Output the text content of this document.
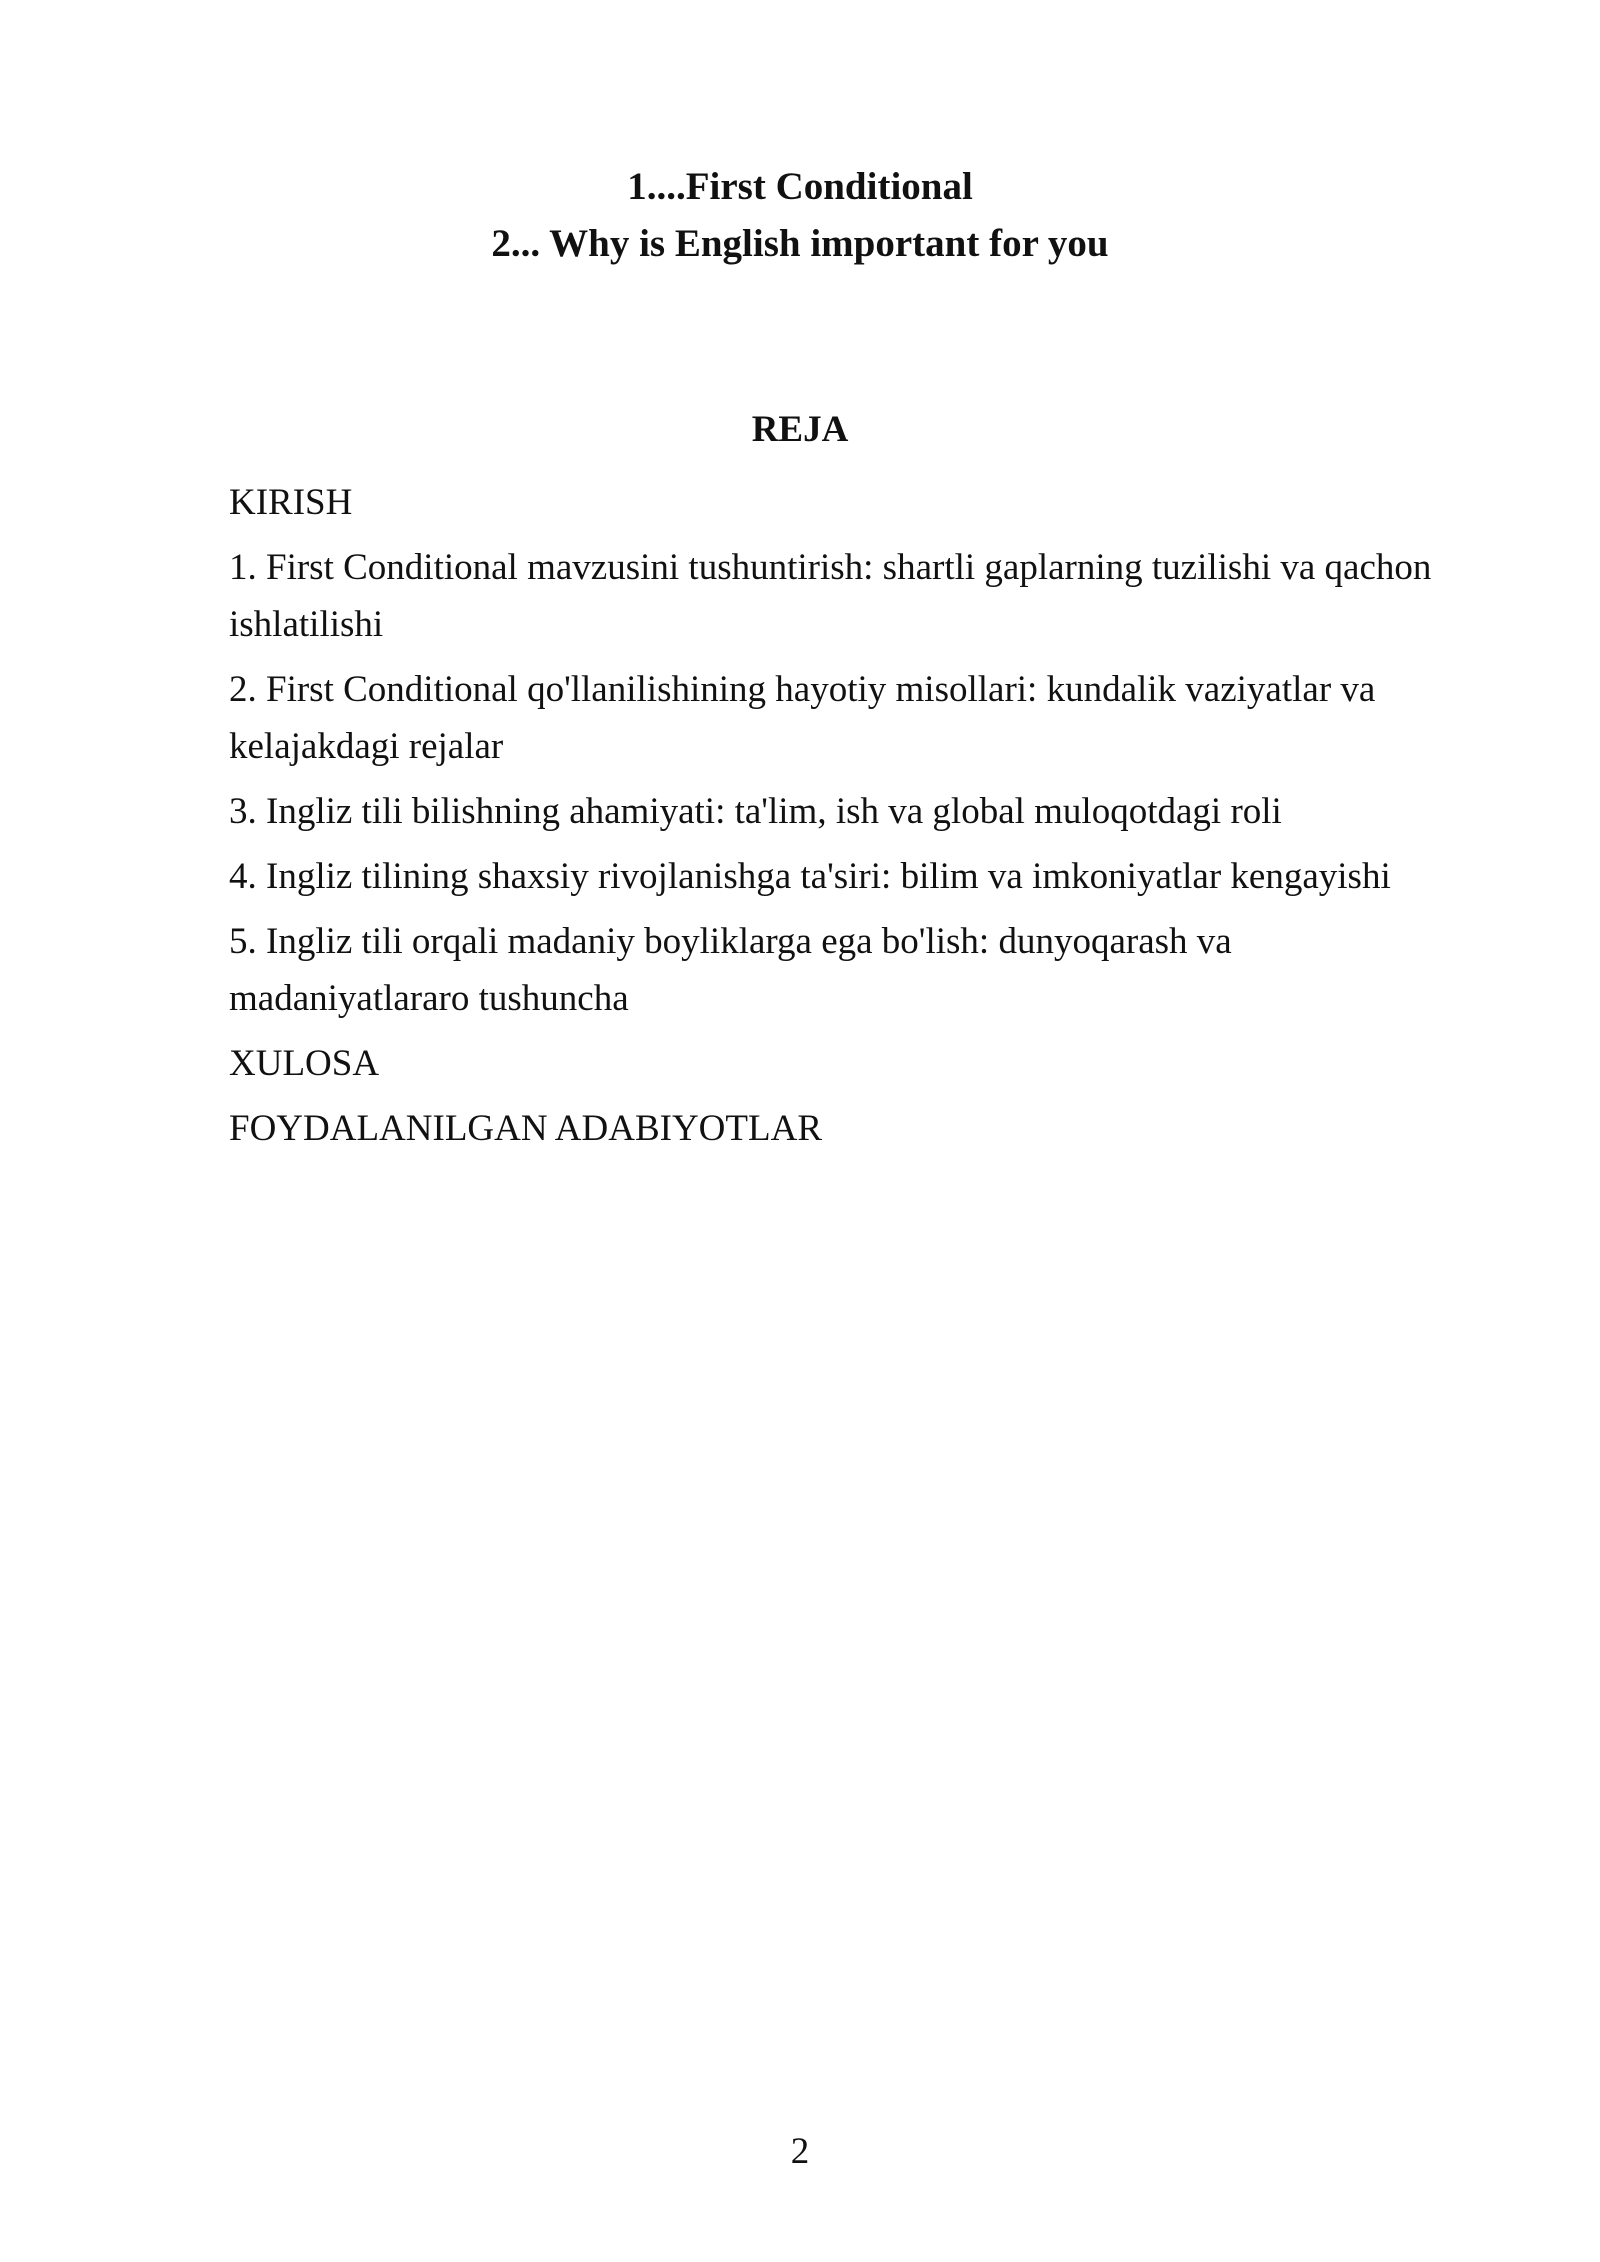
1....First Conditional

2... Why is English important for you

REJA

KIRISH
1. First Conditional mavzusini tushuntirish: shartli gaplarning tuzilishi va qachon ishlatilishi
2. First Conditional qo'llanilishining hayotiy misollari: kundalik vaziyatlar va kelajakdagi rejalar
3. Ingliz tili bilishning ahamiyati: ta'lim, ish va global muloqotdagi roli
4. Ingliz tilining shaxsiy rivojlanishga ta'siri: bilim va imkoniyatlar kengayishi
5. Ingliz tili orqali madaniy boyliklarga ega bo'lish: dunyoqarash va madaniyatlararo tushuncha
XULOSA
FOYDALANILGAN ADABIYOTLAR
2
